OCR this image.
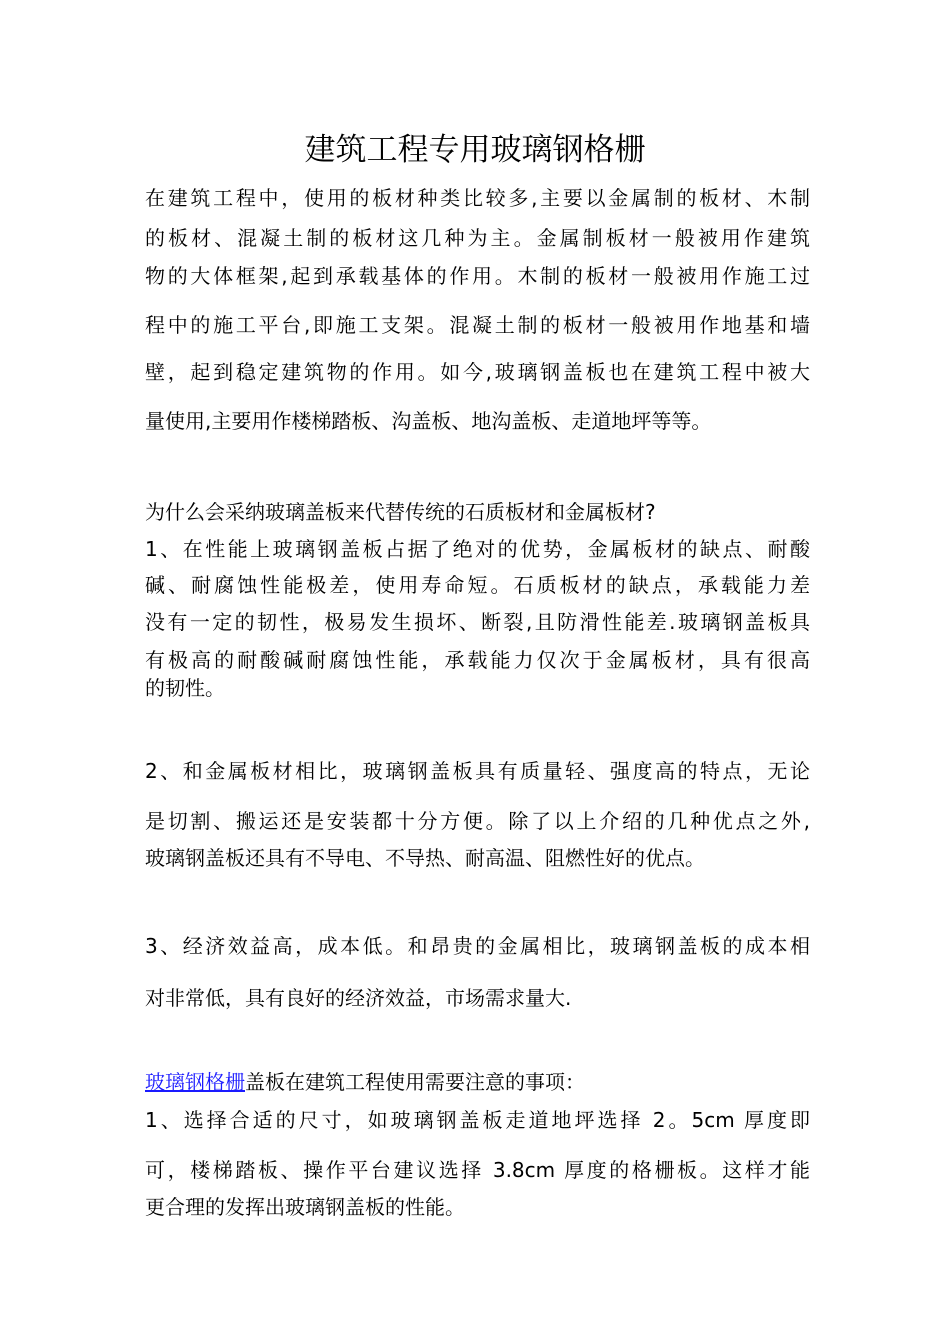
建筑工程专用玻璃钢格栅
在建筑工程中，使用的板材种类比较多,主要以金属制的板材、木制
的板材、混凝土制的板材这几种为主。金属制板材一般被用作建筑
物的大体框架,起到承载基体的作用。木制的板材一般被用作施工过
程中的施工平台,即施工支架。混凝土制的板材一般被用作地基和墙
壁，起到稳定建筑物的作用。如今,玻璃钢盖板也在建筑工程中被大
量使用,主要用作楼梯踏板、沟盖板、地沟盖板、走道地坪等等。
为什么会采纳玻璃盖板来代替传统的石质板材和金属板材?
1、在性能上玻璃钢盖板占据了绝对的优势，金属板材的缺点、耐酸
碱、耐腐蚀性能极差，使用寿命短。石质板材的缺点，承载能力差
没有一定的韧性，极易发生损坏、断裂,且防滑性能差.玻璃钢盖板具
有极高的耐酸碱耐腐蚀性能，承载能力仅次于金属板材，具有很高
的韧性。
2、和金属板材相比，玻璃钢盖板具有质量轻、强度高的特点，无论
是切割、搬运还是安装都十分方便。除了以上介绍的几种优点之外,
玻璃钢盖板还具有不导电、不导热、耐高温、阻燃性好的优点。
3、经济效益高，成本低。和昂贵的金属相比，玻璃钢盖板的成本相
对非常低，具有良好的经济效益，市场需求量大.
玻璃钢格栅盖板在建筑工程使用需要注意的事项：
1、选择合适的尺寸，如玻璃钢盖板走道地坪选择 2。5cm 厚度即
可，楼梯踏板、操作平台建议选择 3.8cm 厚度的格栅板。这样才能
更合理的发挥出玻璃钢盖板的性能。
